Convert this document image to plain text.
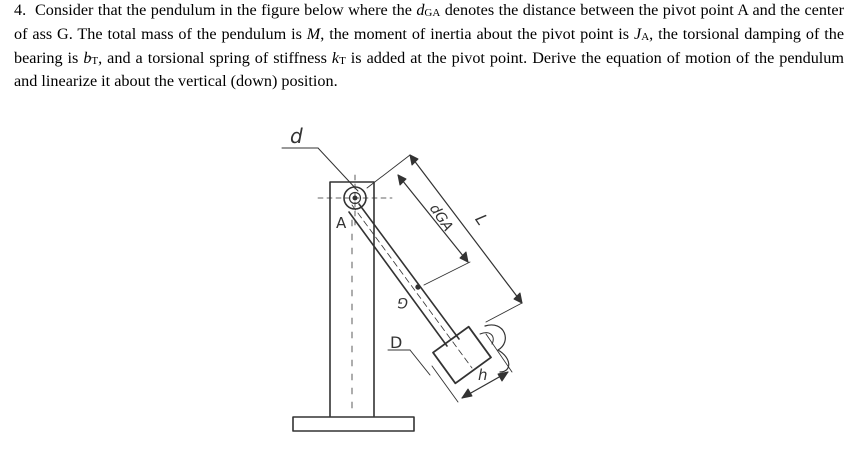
4. Consider that the pendulum in the figure below where the dGA denotes the distance between the pivot point A and the center of ass G. The total mass of the pendulum is M, the moment of inertia about the pivot point is JA, the torsional damping of the bearing is bT, and a torsional spring of stiffness kT is added at the pivot point. Derive the equation of motion of the pendulum and linearize it about the vertical (down) position.
d
A	dGA L
G
D
h
